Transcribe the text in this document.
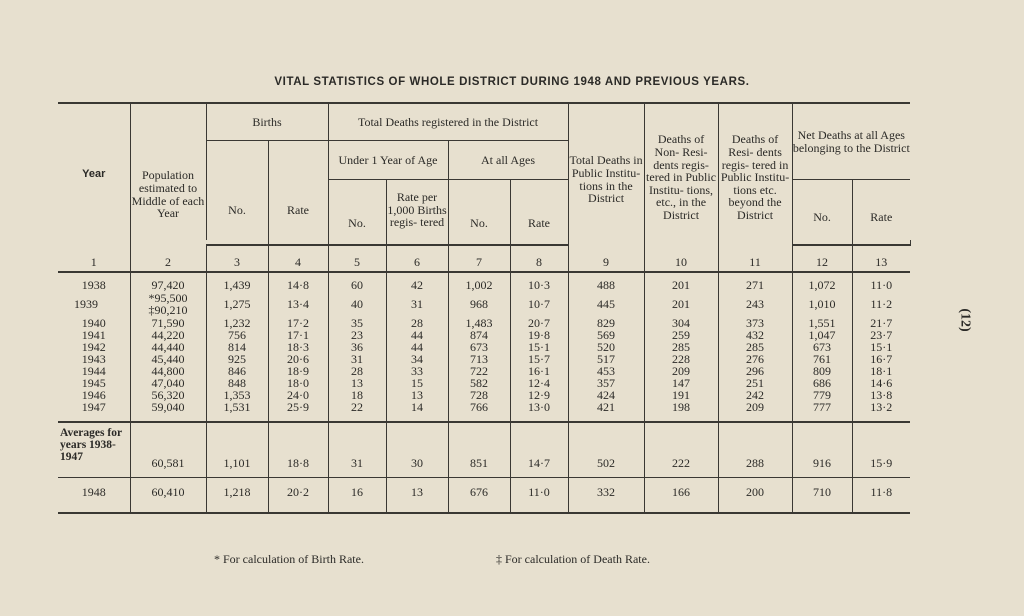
VITAL STATISTICS OF WHOLE DISTRICT DURING 1948 AND PREVIOUS YEARS.
Year	Population estimated to Middle of each Year	Births		Total Deaths registered in the District				Total Deaths in Public Institu- tions in the District	Deaths of Non- Resi- dents regis- tered in Public Institu- tions, etc., in the District	Deaths of Resi- dents regis- tered in Public Institu- tions etc. beyond the District	Net Deaths at all Ages belonging to the District		
		No.	Rate	Under 1 Year of Age		At all Ages							
				No.	Rate per 1,000 Births regis- tered	No.	Rate				No.	Rate	

1	2	3	4	5	6	7	8	9	10	11	12	13	

1938	97,420	1,439	14·8	60	42	1,002	10·3	488	201	271	1,072	11·0	
1939	*95,500
‡90,210	1,275	13·4	40	31	968	10·7	445	201	243	1,010	11·2	
1940	71,590	1,232	17·2	35	28	1,483	20·7	829	304	373	1,551	21·7	
1941	44,220	756	17·1	23	44	874	19·8	569	259	432	1,047	23·7	
1942	44,440	814	18·3	36	44	673	15·1	520	285	285	673	15·1	
1943	45,440	925	20·6	31	34	713	15·7	517	228	276	761	16·7	
1944	44,800	846	18·9	28	33	722	16·1	453	209	296	809	18·1	
1945	47,040	848	18·0	13	15	582	12·4	357	147	251	686	14·6	
1946	56,320	1,353	24·0	18	13	728	12·9	424	191	242	779	13·8	
1947	59,040	1,531	25·9	22	14	766	13·0	421	198	209	777	13·2	

Averages for years 1938-1947	60,581	1,101	18·8	31	30	851	14·7	502	222	288	916	15·9	

1948	60,410	1,218	20·2	16	13	676	11·0	332	166	200	710	11·8	

* For calculation of Birth Rate.	‡ For calculation of Death Rate.
(12)
